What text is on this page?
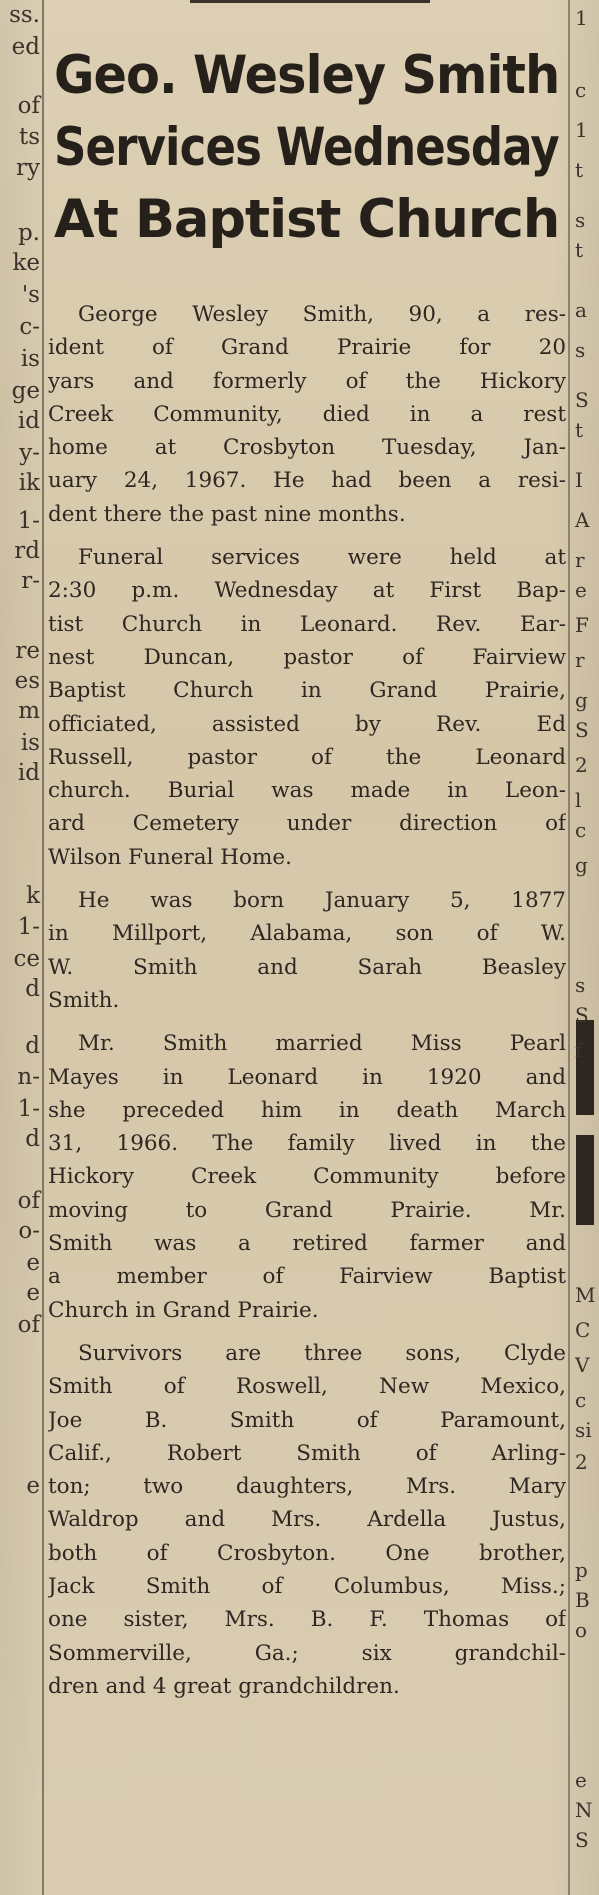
ss.
ed
of
ts
ry
p.
ke
's
c-
is
ge
id
y-
ik
1-
rd
r-
re
es
m
is
id
k
1-
ce
d
d
n-
1-
d
of
o-
e
e
of
e
Geo. Wesley Smith
Services Wednesday
At Baptist Church
George Wesley Smith, 90, a res-
ident of Grand Prairie for 20
yars and formerly of the Hickory
Creek Community, died in a rest
home at Crosbyton Tuesday, Jan-
uary 24, 1967. He had been a resi-
dent there the past nine months.
Funeral services were held at
2:30 p.m. Wednesday at First Bap-
tist Church in Leonard. Rev. Ear-
nest Duncan, pastor of Fairview
Baptist Church in Grand Prairie,
officiated, assisted by Rev. Ed
Russell, pastor of the Leonard
church. Burial was made in Leon-
ard Cemetery under direction of
Wilson Funeral Home.
He was born January 5, 1877
in Millport, Alabama, son of W.
W. Smith and Sarah Beasley
Smith.
Mr. Smith married Miss Pearl
Mayes in Leonard in 1920 and
she preceded him in death March
31, 1966. The family lived in the
Hickory Creek Community before
moving to Grand Prairie. Mr.
Smith was a retired farmer and
a member of Fairview Baptist
Church in Grand Prairie.
Survivors are three sons, Clyde
Smith of Roswell, New Mexico,
Joe B. Smith of Paramount,
Calif., Robert Smith of Arling-
ton; two daughters, Mrs. Mary
Waldrop and Mrs. Ardella Justus,
both of Crosbyton. One brother,
Jack Smith of Columbus, Miss.;
one sister, Mrs. B. F. Thomas of
Sommerville, Ga.; six grandchil-
dren and 4 great grandchildren.
1
c
1
t
s
t
a
s
S
t
I
A
r
e
F
r
g
S
2
l
c
g
s
S
f
M
C
V
c
si
2
p
B
o
e
N
S
